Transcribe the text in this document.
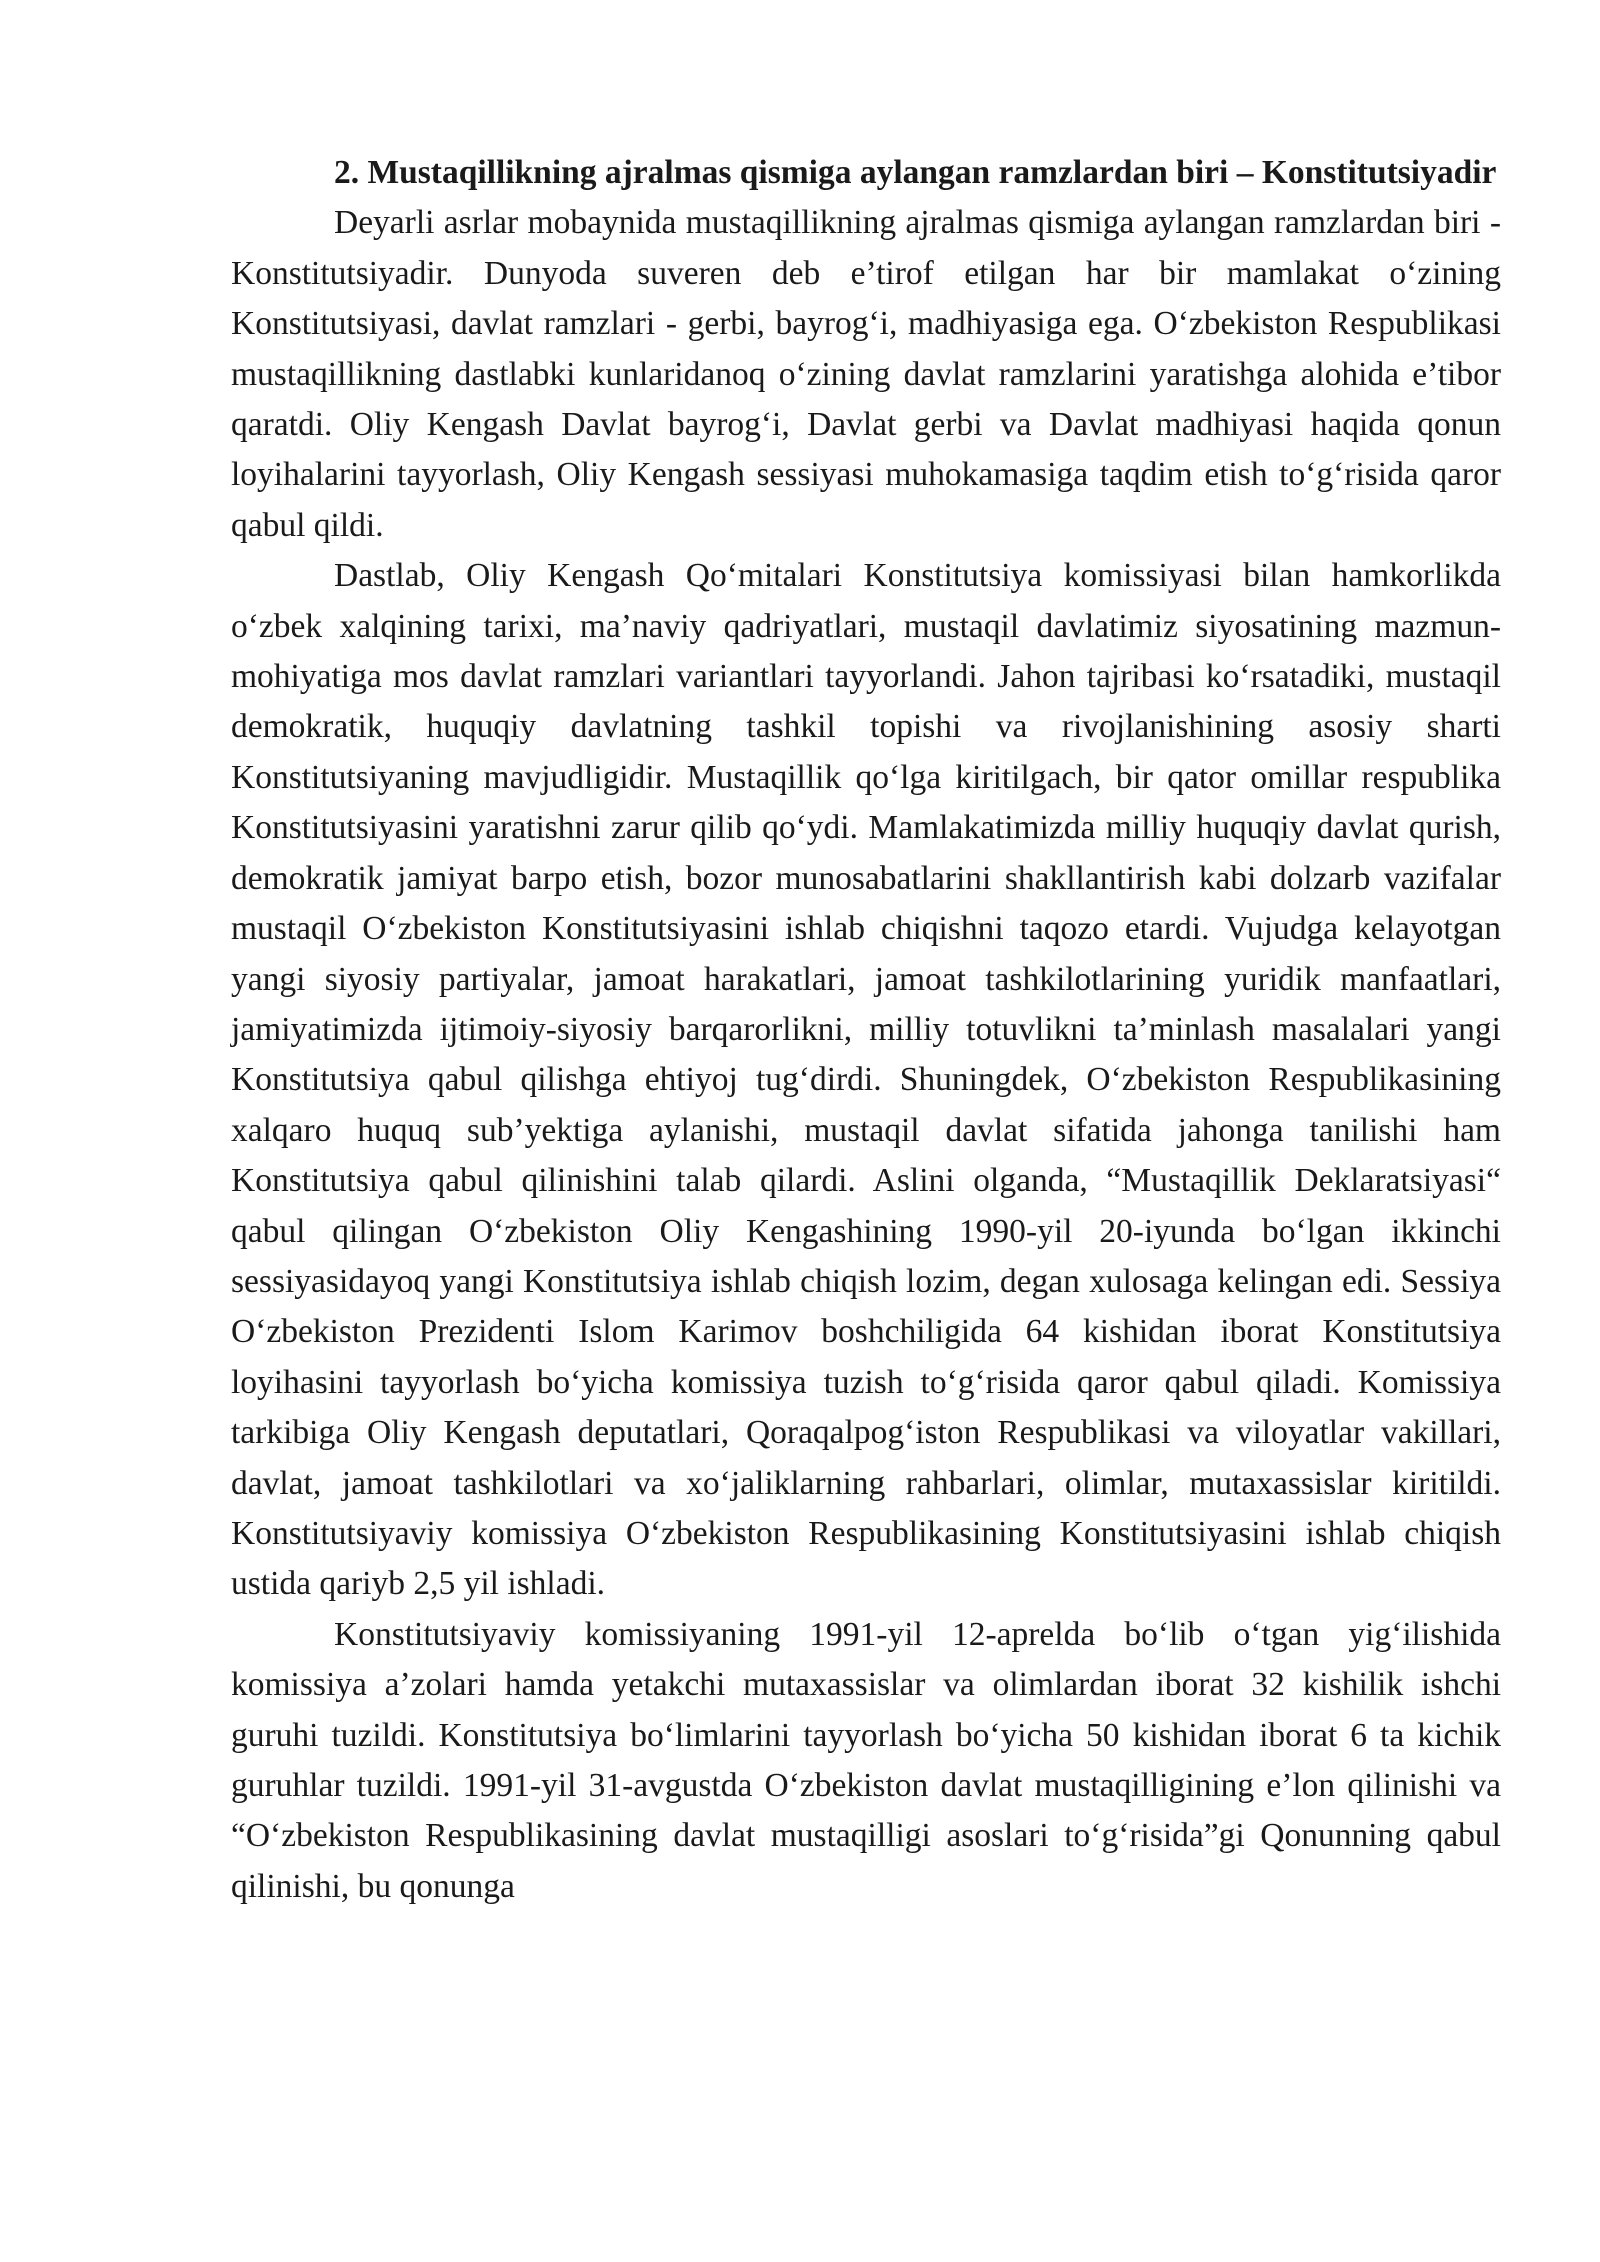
2. Mustaqillikning ajralmas qismiga aylangan ramzlardan biri – Konstitutsiyadir

Deyarli asrlar mobaynida mustaqillikning ajralmas qismiga aylangan ramzlardan biri - Konstitutsiyadir. Dunyoda suveren deb e’tirof etilgan har bir mamlakat o‘zining Konstitutsiyasi, davlat ramzlari - gerbi, bayrog‘i, madhiyasiga ega. O‘zbekiston Respublikasi mustaqillikning dastlabki kunlaridanoq o‘zining davlat ramzlarini yaratishga alohida e’tibor qaratdi. Oliy Kengash Davlat bayrog‘i, Davlat gerbi va Davlat madhiyasi haqida qonun loyihalarini tayyorlash, Oliy Kengash sessiyasi muhokamasiga taqdim etish to‘g‘risida qaror qabul qildi.

Dastlab, Oliy Kengash Qo‘mitalari Konstitutsiya komissiyasi bilan hamkorlikda o‘zbek xalqining tarixi, ma’naviy qadriyatlari, mustaqil davlatimiz siyosatining mazmun-mohiyatiga mos davlat ramzlari variantlari tayyorlandi. Jahon tajribasi ko‘rsatadiki, mustaqil demokratik, huquqiy davlatning tashkil topishi va rivojlanishining asosiy sharti Konstitutsiyaning mavjudligidir. Mustaqillik qo‘lga kiritilgach, bir qator omillar respublika Konstitutsiyasini yaratishni zarur qilib qo‘ydi. Mamlakatimizda milliy huquqiy davlat qurish, demokratik jamiyat barpo etish, bozor munosabatlarini shakllantirish kabi dolzarb vazifalar mustaqil O‘zbekiston Konstitutsiyasini ishlab chiqishni taqozo etardi. Vujudga kelayotgan yangi siyosiy partiyalar, jamoat harakatlari, jamoat tashkilotlarining yuridik manfaatlari, jamiyatimizda ijtimoiy-siyosiy barqarorlikni, milliy totuvlikni ta’minlash masalalari yangi Konstitutsiya qabul qilishga ehtiyoj tug‘dirdi. Shuningdek, O‘zbekiston Respublikasining xalqaro huquq sub’yektiga aylanishi, mustaqil davlat sifatida jahonga tanilishi ham Konstitutsiya qabul qilinishini talab qilardi. Aslini olganda, “Mustaqillik Deklaratsiyasi“ qabul qilingan O‘zbekiston Oliy Kengashining 1990-yil 20-iyunda bo‘lgan ikkinchi sessiyasidayoq yangi Konstitutsiya ishlab chiqish lozim, degan xulosaga kelingan edi. Sessiya O‘zbekiston Prezidenti Islom Karimov boshchiligida 64 kishidan iborat Konstitutsiya loyihasini tayyorlash bo‘yicha komissiya tuzish to‘g‘risida qaror qabul qiladi. Komissiya tarkibiga Oliy Kengash deputatlari, Qoraqalpog‘iston Respublikasi va viloyatlar vakillari, davlat, jamoat tashkilotlari va xo‘jaliklarning rahbarlari, olimlar, mutaxassislar kiritildi. Konstitutsiyaviy komissiya O‘zbekiston Respublikasining Konstitutsiyasini ishlab chiqish ustida qariyb 2,5 yil ishladi.

Konstitutsiyaviy komissiyaning 1991-yil 12-aprelda bo‘lib o‘tgan yig‘ilishida komissiya a’zolari hamda yetakchi mutaxassislar va olimlardan iborat 32 kishilik ishchi guruhi tuzildi. Konstitutsiya bo‘limlarini tayyorlash bo‘yicha 50 kishidan iborat 6 ta kichik guruhlar tuzildi. 1991-yil 31-avgustda O‘zbekiston davlat mustaqilligining e’lon qilinishi va “O‘zbekiston Respublikasining davlat mustaqilligi asoslari to‘g‘risida”gi Qonunning qabul qilinishi, bu qonunga
